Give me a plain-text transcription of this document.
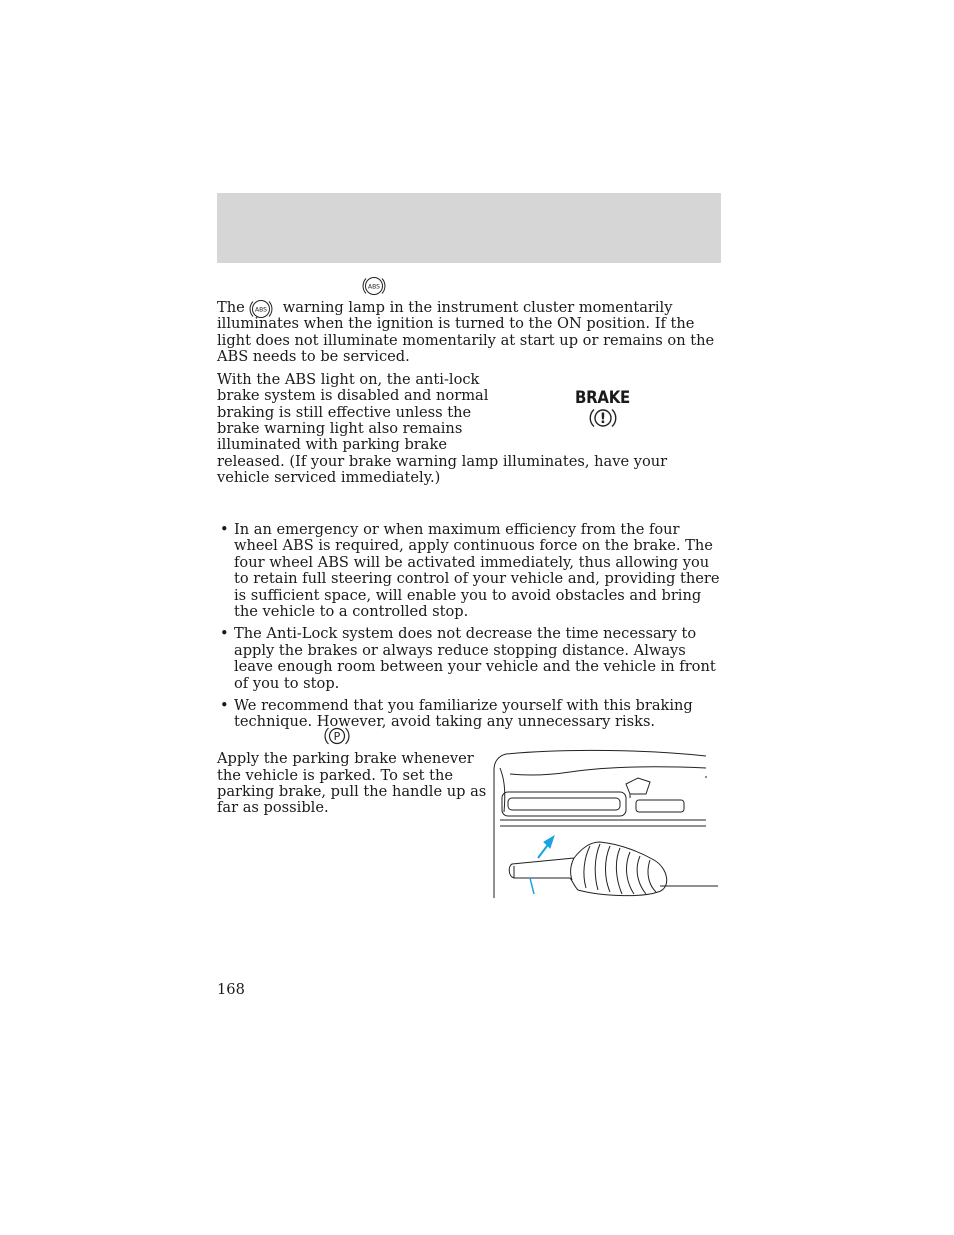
ABS

The	warning lamp in the instrument cluster momentarily illuminates when the ignition is turned to the ON position. If the light does not illuminate momentarily at start up or remains on the ABS needs to be serviced.

ABS

With the ABS light on, the anti-lock

brake system is disabled and normal

braking is still effective unless the

brake warning light also remains

illuminated with parking brake

released. (If your brake warning lamp illuminates, have your vehicle serviced immediately.)

BRAKE
!
• In an emergency or when maximum efficiency from the four wheel ABS is required, apply continuous force on the brake. The four wheel ABS will be activated immediately, thus allowing you to retain full steering control of your vehicle and, providing there is sufficient space, will enable you to avoid obstacles and bring the vehicle to a controlled stop.
• The Anti-Lock system does not decrease the time necessary to apply the brakes or always reduce stopping distance. Always leave enough room between your vehicle and the vehicle in front of you to stop.
• We recommend that you familiarize yourself with this braking technique. However, avoid taking any unnecessary risks.
P

Apply the parking brake whenever

the vehicle is parked. To set the

parking brake, pull the handle up as

far as possible.

168
